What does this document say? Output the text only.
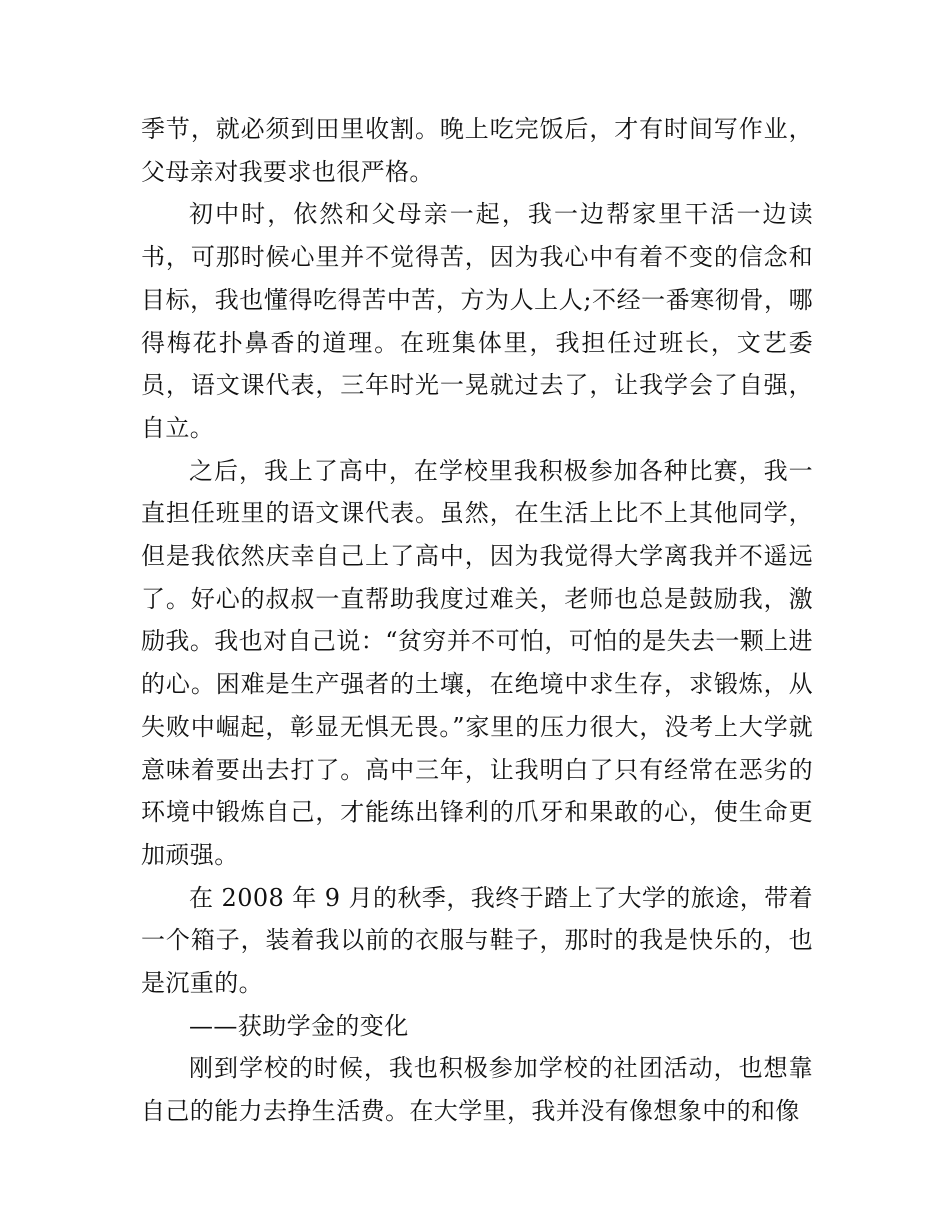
季节，就必须到田里收割。晚上吃完饭后，才有时间写作业，父母亲对我要求也很严格。

初中时，依然和父母亲一起，我一边帮家里干活一边读书，可那时候心里并不觉得苦，因为我心中有着不变的信念和目标，我也懂得吃得苦中苦，方为人上人;不经一番寒彻骨，哪得梅花扑鼻香的道理。在班集体里，我担任过班长，文艺委员，语文课代表，三年时光一晃就过去了，让我学会了自强，自立。

之后，我上了高中，在学校里我积极参加各种比赛，我一直担任班里的语文课代表。虽然，在生活上比不上其他同学，但是我依然庆幸自己上了高中，因为我觉得大学离我并不遥远了。好心的叔叔一直帮助我度过难关，老师也总是鼓励我，激励我。我也对自己说：“贫穷并不可怕，可怕的是失去一颗上进的心。困难是生产强者的土壤，在绝境中求生存，求锻炼，从失败中崛起，彰显无惧无畏。”家里的压力很大，没考上大学就意味着要出去打了。高中三年，让我明白了只有经常在恶劣的环境中锻炼自己，才能练出锋利的爪牙和果敢的心，使生命更加顽强。

在 2008 年 9 月的秋季，我终于踏上了大学的旅途，带着一个箱子，装着我以前的衣服与鞋子，那时的我是快乐的，也是沉重的。

——获助学金的变化

刚到学校的时候，我也积极参加学校的社团活动，也想靠自己的能力去挣生活费。在大学里，我并没有像想象中的和像
